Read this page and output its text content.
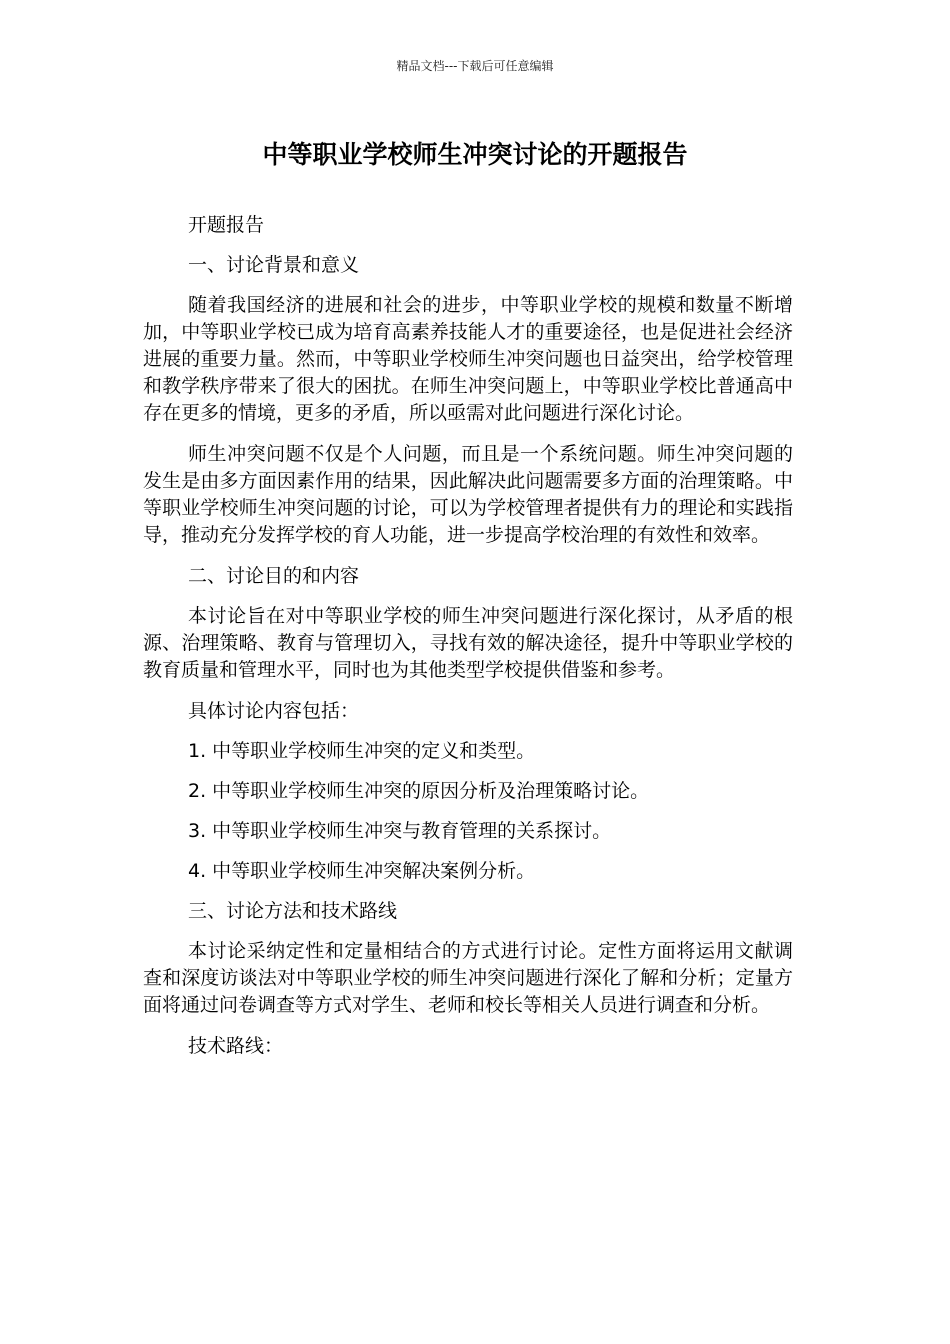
精品文档---下载后可任意编辑
中等职业学校师生冲突讨论的开题报告

开题报告

一、讨论背景和意义

随着我国经济的进展和社会的进步，中等职业学校的规模和数量不断增加，中等职业学校已成为培育高素养技能人才的重要途径，也是促进社会经济进展的重要力量。然而，中等职业学校师生冲突问题也日益突出，给学校管理和教学秩序带来了很大的困扰。在师生冲突问题上，中等职业学校比普通高中存在更多的情境，更多的矛盾，所以亟需对此问题进行深化讨论。

师生冲突问题不仅是个人问题，而且是一个系统问题。师生冲突问题的发生是由多方面因素作用的结果，因此解决此问题需要多方面的治理策略。中等职业学校师生冲突问题的讨论，可以为学校管理者提供有力的理论和实践指导，推动充分发挥学校的育人功能，进一步提高学校治理的有效性和效率。

二、讨论目的和内容

本讨论旨在对中等职业学校的师生冲突问题进行深化探讨，从矛盾的根源、治理策略、教育与管理切入，寻找有效的解决途径，提升中等职业学校的教育质量和管理水平，同时也为其他类型学校提供借鉴和参考。

具体讨论内容包括：

1. 中等职业学校师生冲突的定义和类型。

2. 中等职业学校师生冲突的原因分析及治理策略讨论。

3. 中等职业学校师生冲突与教育管理的关系探讨。

4. 中等职业学校师生冲突解决案例分析。

三、讨论方法和技术路线

本讨论采纳定性和定量相结合的方式进行讨论。定性方面将运用文献调查和深度访谈法对中等职业学校的师生冲突问题进行深化了解和分析；定量方面将通过问卷调查等方式对学生、老师和校长等相关人员进行调查和分析。

技术路线：
